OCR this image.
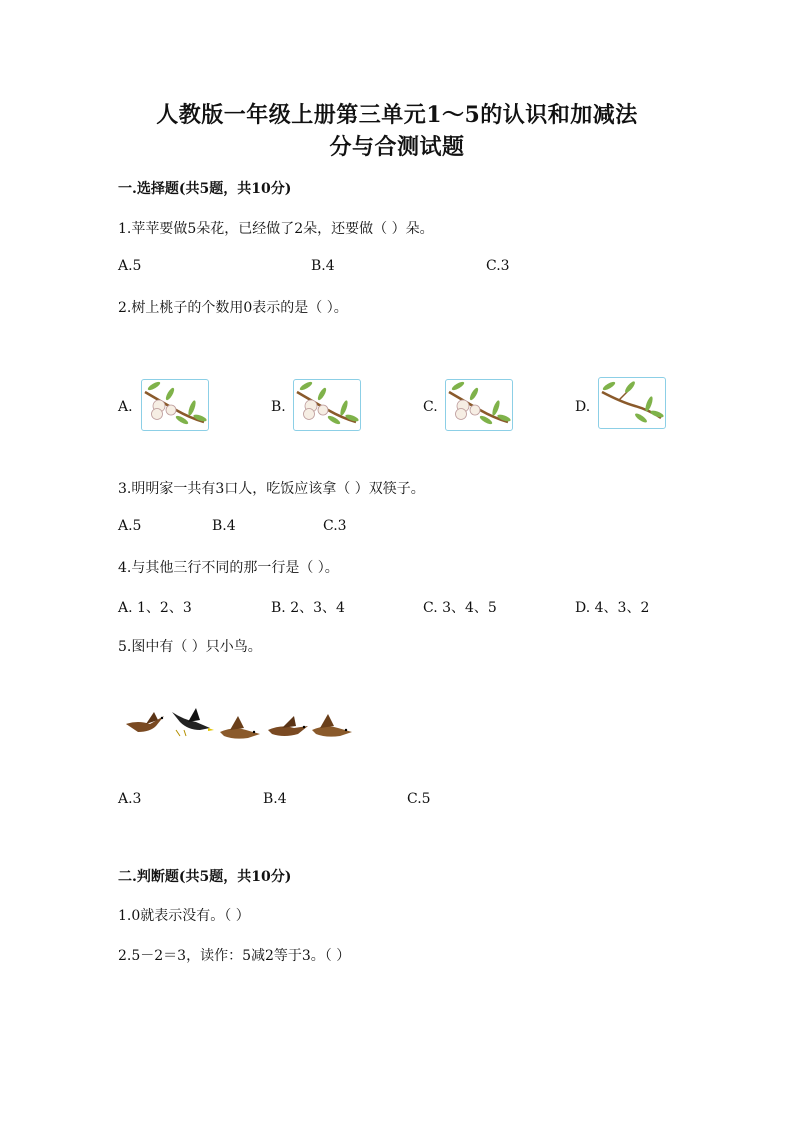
人教版一年级上册第三单元1～5的认识和加减法
分与合测试题
一.选择题(共5题，共10分)
1.苹苹要做5朵花，已经做了2朵，还要做（ ）朵。
A.5	B.4	C.3
2.树上桃子的个数用0表示的是（ ）。
A.	B.	C.	D.
3.明明家一共有3口人，吃饭应该拿（ ）双筷子。
A.5	B.4	C.3
4.与其他三行不同的那一行是（ ）。
A. 1、2、3	B. 2、3、4	C. 3、4、5	D. 4、3、2
5.图中有（ ）只小鸟。
A.3	B.4	C.5
二.判断题(共5题，共10分)
1.0就表示没有。（ ）
2.5－2＝3，读作：5减2等于3。（ ）
